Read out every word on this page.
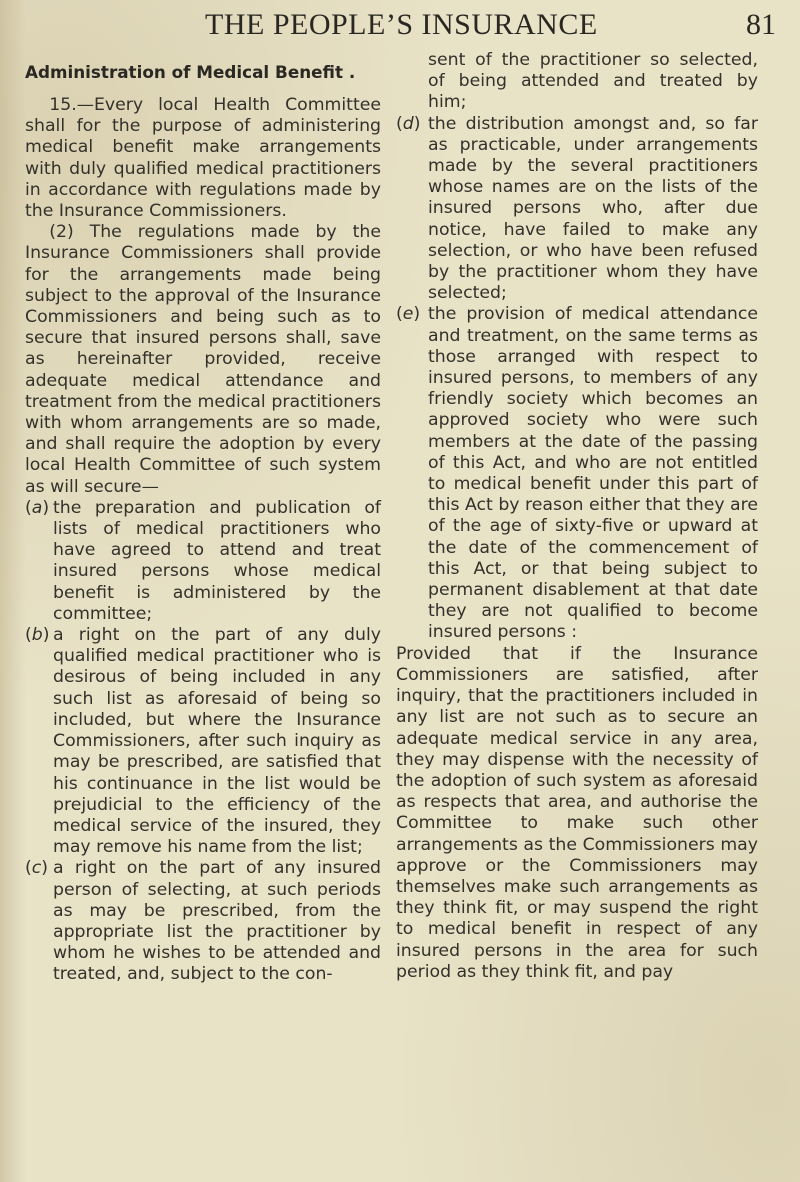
THE PEOPLE’S INSURANCE	81
Administration of Medical Benefit .

15.—Every local Health Committee shall for the purpose of administering medical benefit make arrangements with duly qualified medical practitioners in accordance with regulations made by the Insurance Commissioners.

(2) The regulations made by the Insurance Commissioners shall provide for the arrangements made being subject to the approval of the Insurance Commissioners and being such as to secure that insured persons shall, save as hereinafter provided, receive adequate medical attendance and treatment from the medical practitioners with whom arrangements are so made, and shall require the adoption by every local Health Committee of such system as will secure—

(a) the preparation and publication of lists of medical practitioners who have agreed to attend and treat insured persons whose medical benefit is administered by the committee;
(b) a right on the part of any duly qualified medical practitioner who is desirous of being included in any such list as aforesaid of being so included, but where the Insurance Commissioners, after such inquiry as may be prescribed, are satisfied that his continuance in the list would be prejudicial to the efficiency of the medical service of the insured, they may remove his name from the list;
(c) a right on the part of any insured person of selecting, at such periods as may be prescribed, from the appropriate list the practitioner by whom he wishes to be attended and treated, and, subject to the con-
sent of the practitioner so selected, of being attended and treated by him;
(d) the distribution amongst and, so far as practicable, under arrangements made by the several practitioners whose names are on the lists of the insured persons who, after due notice, have failed to make any selection, or who have been refused by the practitioner whom they have selected;
(e) the provision of medical attendance and treatment, on the same terms as those arranged with respect to insured persons, to members of any friendly society which becomes an approved society who were such members at the date of the passing of this Act, and who are not entitled to medical benefit under this part of this Act by reason either that they are of the age of sixty-five or upward at the date of the commencement of this Act, or that being subject to permanent disablement at that date they are not qualified to become insured persons :

Provided that if the Insurance Commissioners are satisfied, after inquiry, that the practitioners included in any list are not such as to secure an adequate medical service in any area, they may dispense with the necessity of the adoption of such system as aforesaid as respects that area, and authorise the Committee to make such other arrangements as the Commissioners may approve or the Commissioners may themselves make such arrangements as they think fit, or may suspend the right to medical benefit in respect of any insured persons in the area for such period as they think fit, and pay
